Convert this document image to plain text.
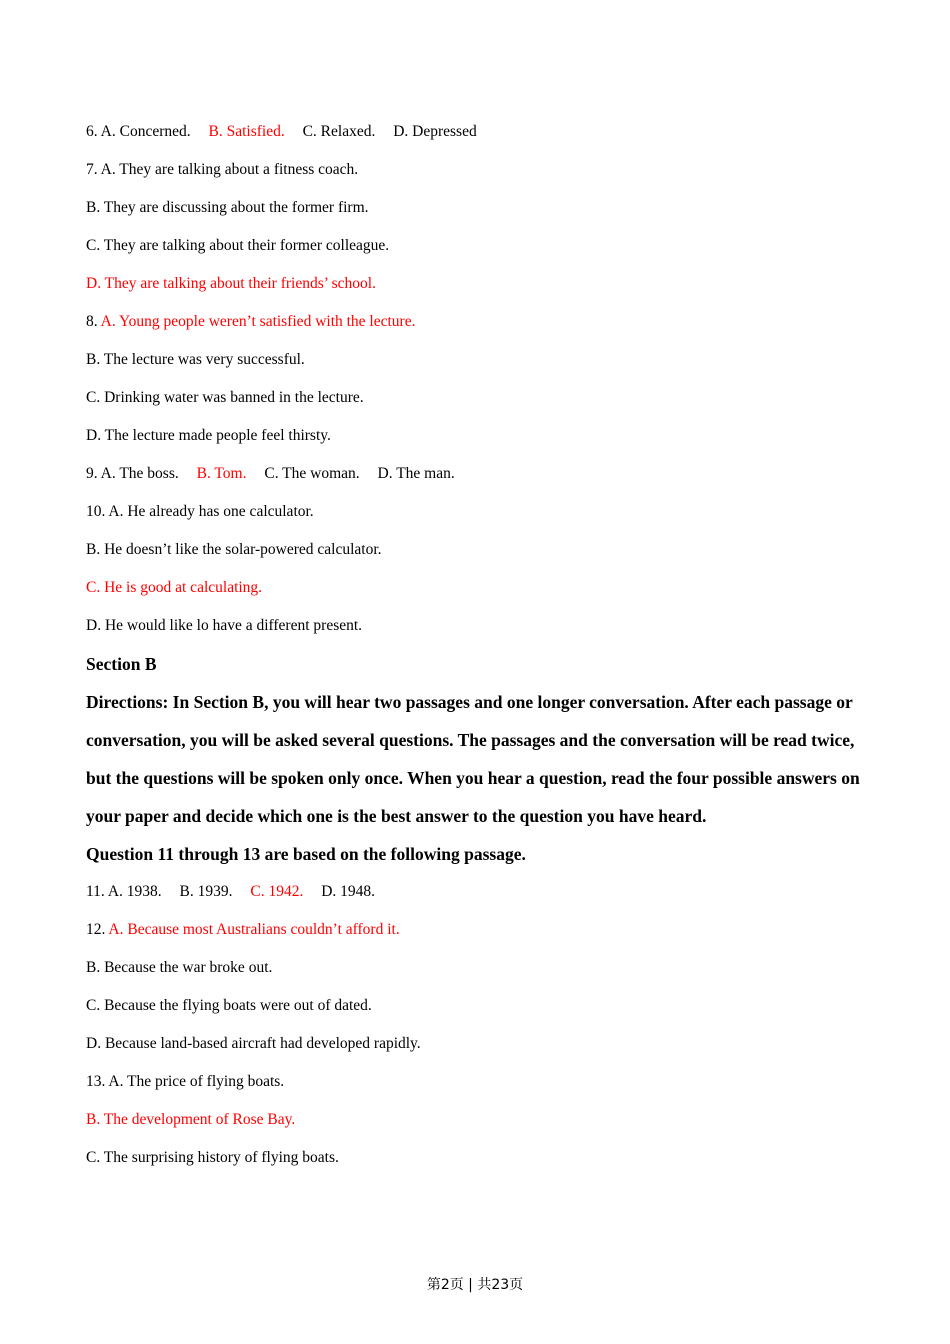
6. A. Concerned. B. Satisfied. C. Relaxed. D. Depressed
7. A. They are talking about a fitness coach.
B. They are discussing about the former firm.
C. They are talking about their former colleague.
D. They are talking about their friends’ school.
8. A. Young people weren’t satisfied with the lecture.
B. The lecture was very successful.
C. Drinking water was banned in the lecture.
D. The lecture made people feel thirsty.
9. A. The boss. B. Tom. C. The woman. D. The man.
10. A. He already has one calculator.
B. He doesn’t like the solar-powered calculator.
C. He is good at calculating.
D. He would like lo have a different present.
Section B
Directions: In Section B, you will hear two passages and one longer conversation. After each passage or conversation, you will be asked several questions. The passages and the conversation will be read twice, but the questions will be spoken only once. When you hear a question, read the four possible answers on your paper and decide which one is the best answer to the question you have heard.
Question 11 through 13 are based on the following passage.
11. A. 1938. B. 1939. C. 1942. D. 1948.
12. A. Because most Australians couldn’t afford it.
B. Because the war broke out.
C. Because the flying boats were out of dated.
D. Because land-based aircraft had developed rapidly.
13. A. The price of flying boats.
B. The development of Rose Bay.
C. The surprising history of flying boats.
第2页 | 共23页
